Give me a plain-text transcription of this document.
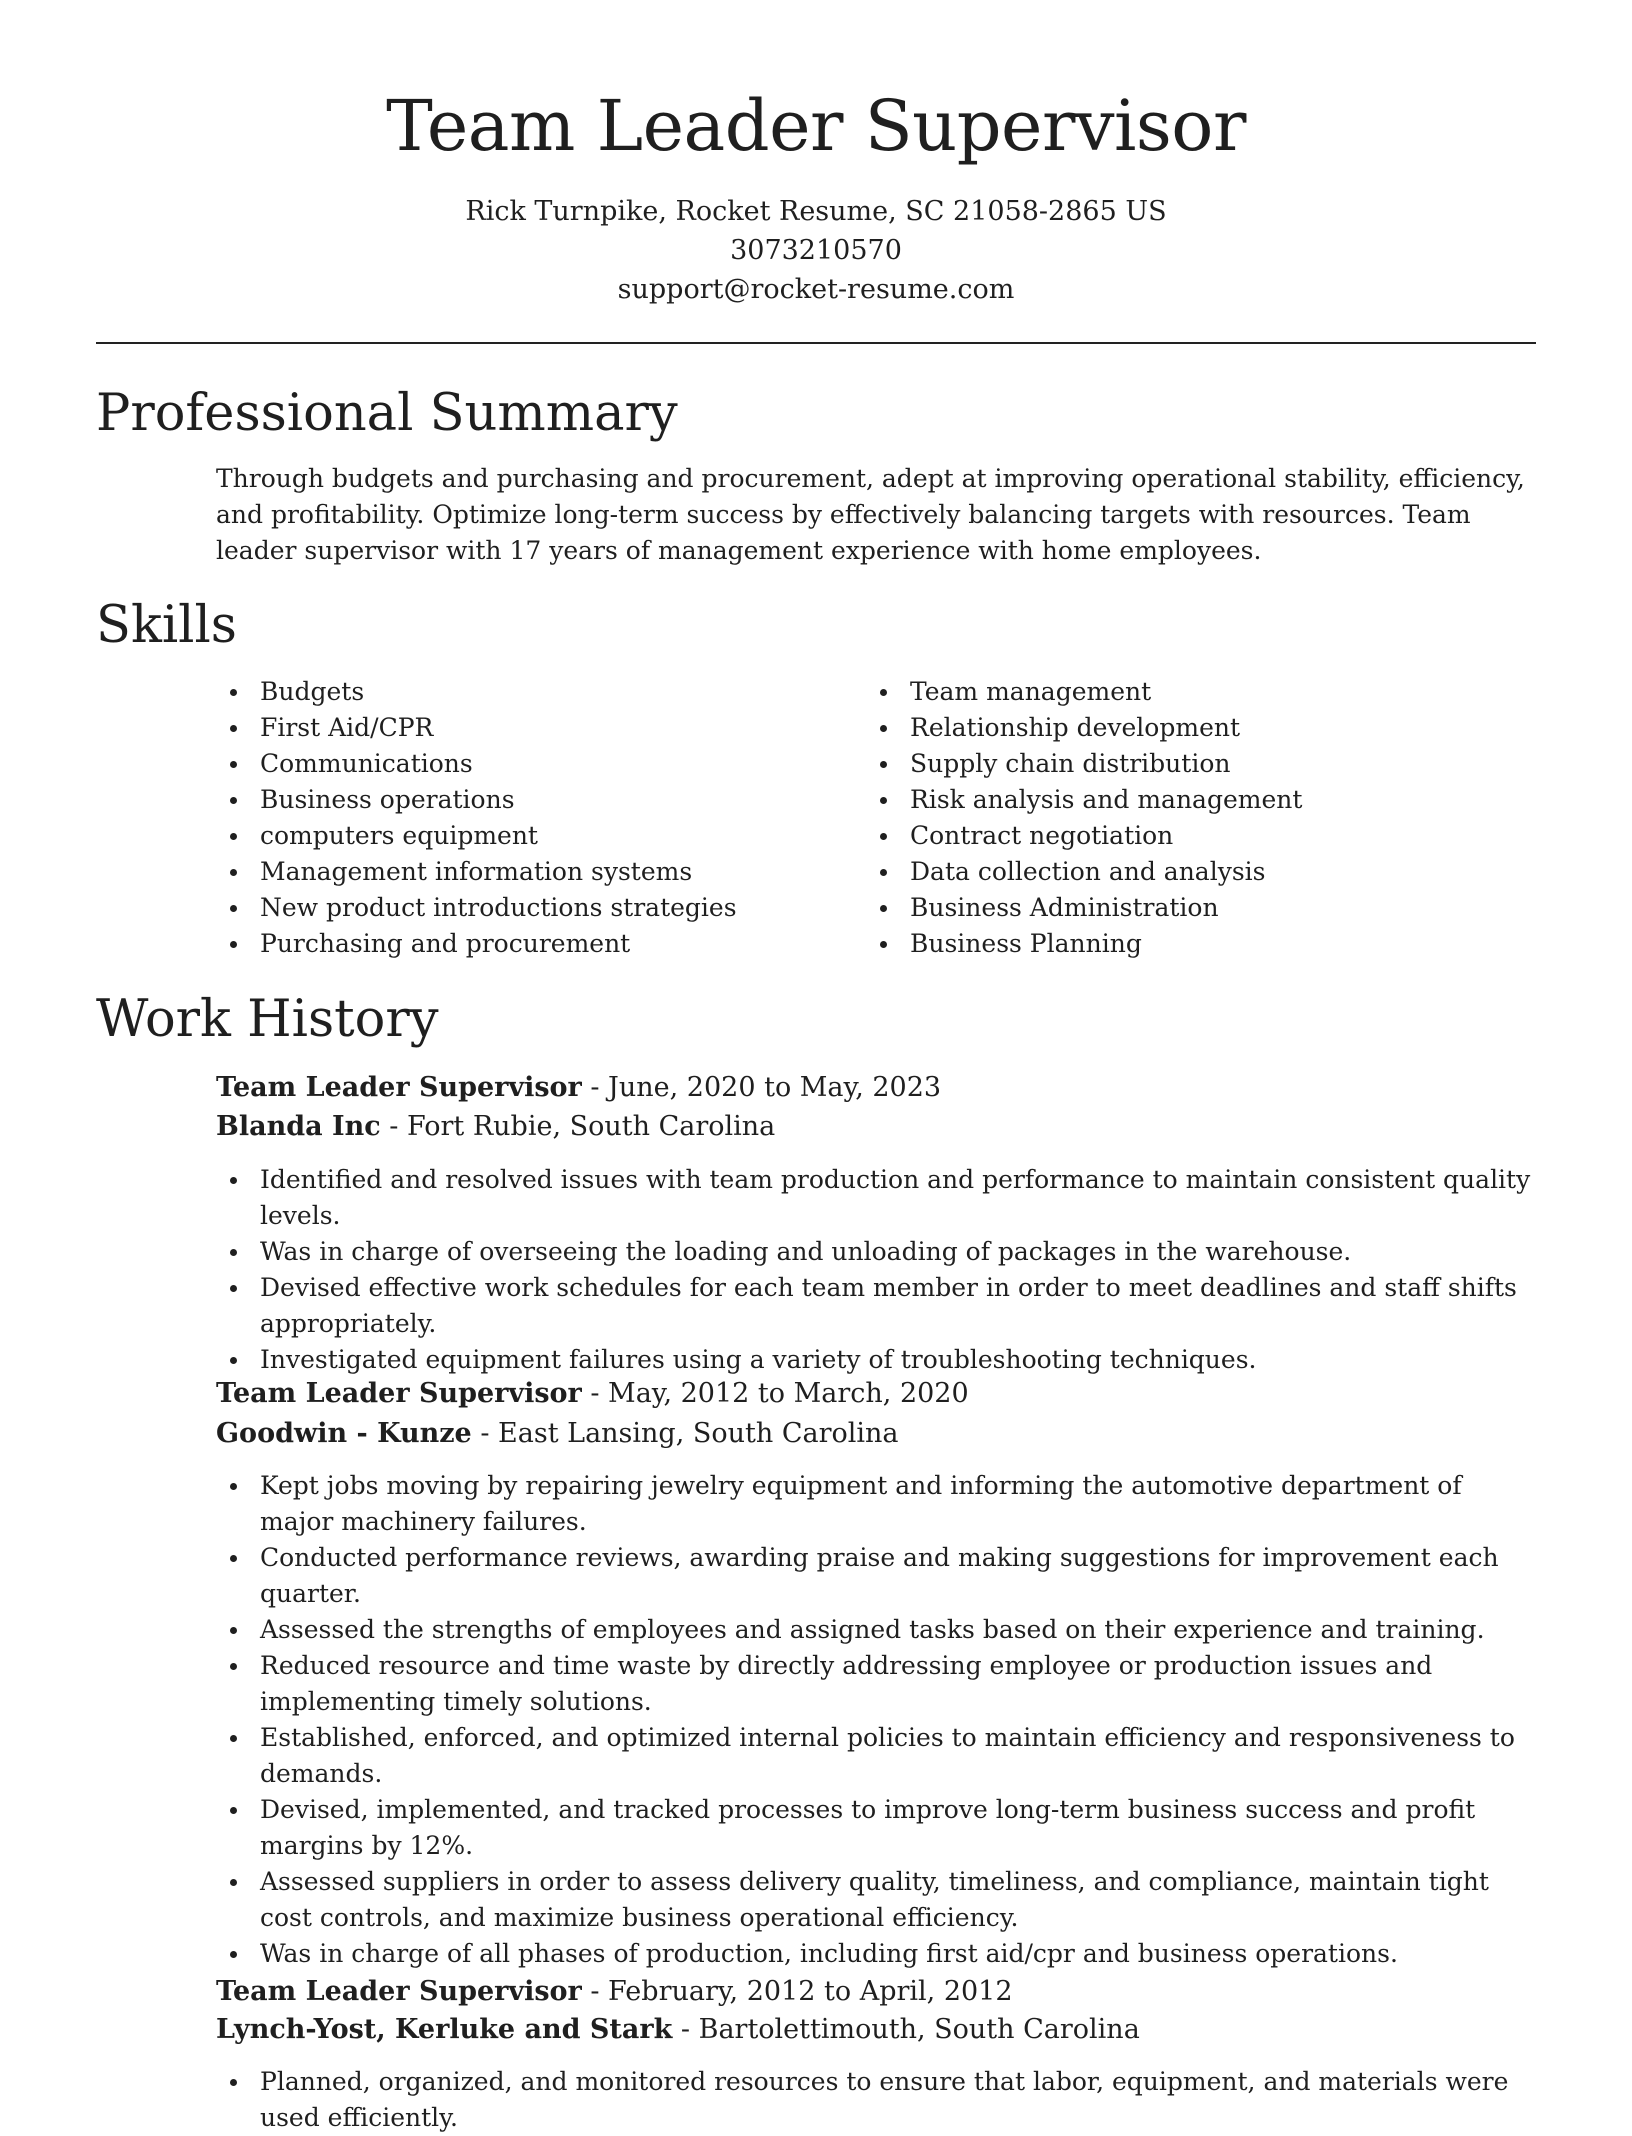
Team Leader Supervisor
Rick Turnpike, Rocket Resume, SC 21058-2865 US
3073210570
support@rocket-resume.com
Professional Summary

Through budgets and purchasing and procurement, adept at improving operational stability, efficiency, and profitability. Optimize long-term success by effectively balancing targets with resources. Team leader supervisor with 17 years of management experience with home employees.

Skills
Budgets
First Aid/CPR
Communications
Business operations
computers equipment
Management information systems
New product introductions strategies
Purchasing and procurement
Team management
Relationship development
Supply chain distribution
Risk analysis and management
Contract negotiation
Data collection and analysis
Business Administration
Business Planning
Work History

Team Leader Supervisor - June, 2020 to May, 2023

Blanda Inc - Fort Rubie, South Carolina

Identified and resolved issues with team production and performance to maintain consistent quality levels.
Was in charge of overseeing the loading and unloading of packages in the warehouse.
Devised effective work schedules for each team member in order to meet deadlines and staff shifts appropriately.
Investigated equipment failures using a variety of troubleshooting techniques.

Team Leader Supervisor - May, 2012 to March, 2020

Goodwin - Kunze - East Lansing, South Carolina

Kept jobs moving by repairing jewelry equipment and informing the automotive department of major machinery failures.
Conducted performance reviews, awarding praise and making suggestions for improvement each quarter.
Assessed the strengths of employees and assigned tasks based on their experience and training.
Reduced resource and time waste by directly addressing employee or production issues and implementing timely solutions.
Established, enforced, and optimized internal policies to maintain efficiency and responsiveness to demands.
Devised, implemented, and tracked processes to improve long-term business success and profit margins by 12%.
Assessed suppliers in order to assess delivery quality, timeliness, and compliance, maintain tight cost controls, and maximize business operational efficiency.
Was in charge of all phases of production, including first aid/cpr and business operations.

Team Leader Supervisor - February, 2012 to April, 2012

Lynch-Yost, Kerluke and Stark - Bartolettimouth, South Carolina

Planned, organized, and monitored resources to ensure that labor, equipment, and materials were used efficiently.
